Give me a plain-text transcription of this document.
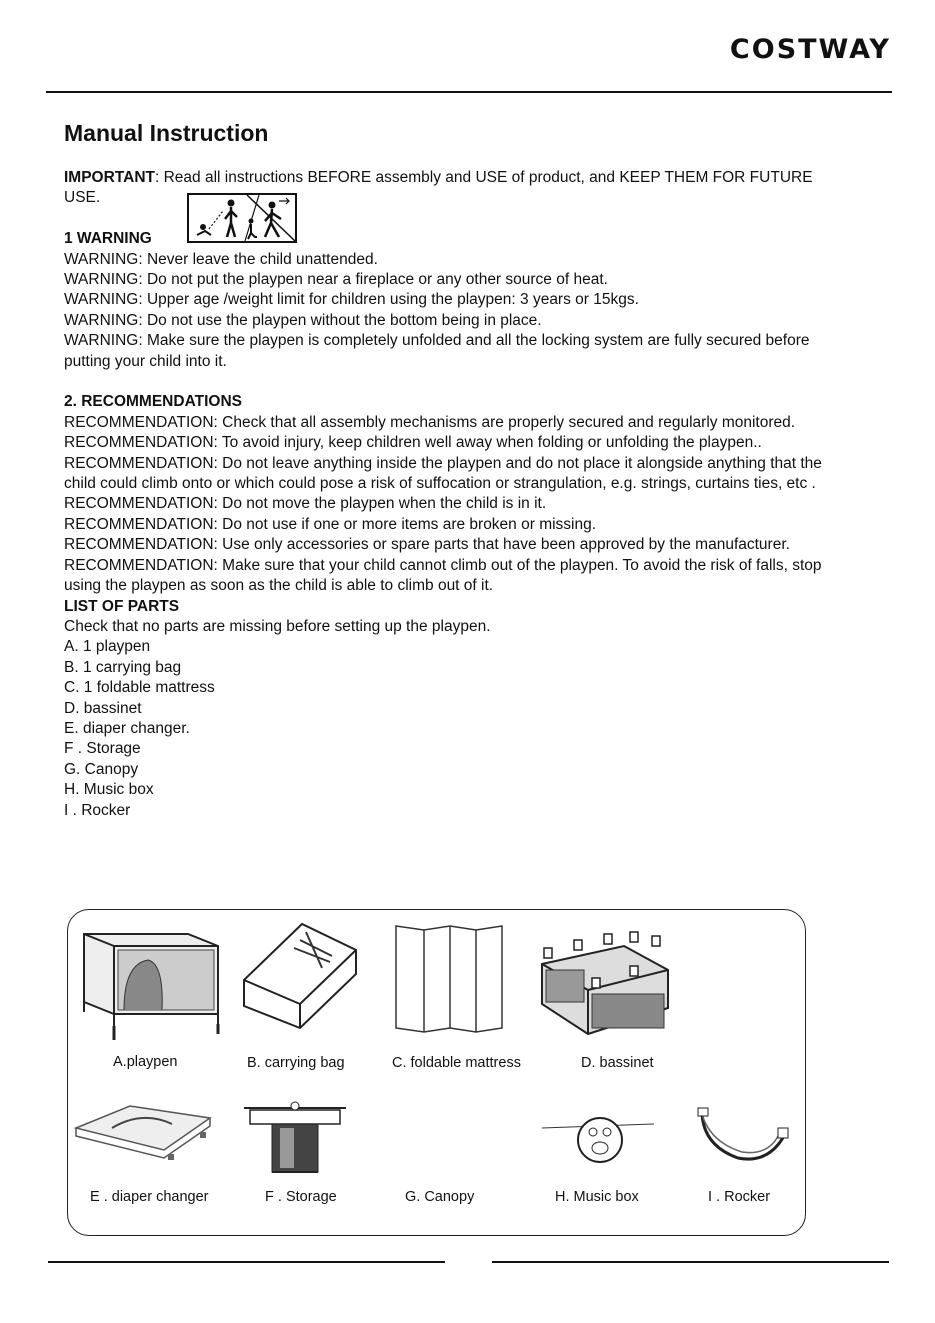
COSTWAY
Manual Instruction

IMPORTANT: Read all instructions BEFORE assembly and USE of product, and KEEP THEM FOR FUTURE USE.

1 WARNING

WARNING: Never leave the child unattended.

WARNING: Do not put the playpen near a fireplace or any other source of heat.

WARNING: Upper age /weight limit for children using the playpen: 3 years or 15kgs.

WARNING: Do not use the playpen without the bottom being in place.

WARNING: Make sure the playpen is completely unfolded and all the locking system are fully secured before putting your child into it.

2. RECOMMENDATIONS

RECOMMENDATION: Check that all assembly mechanisms are properly secured and regularly monitored.

RECOMMENDATION: To avoid injury, keep children well away when folding or unfolding the playpen..

RECOMMENDATION: Do not leave anything inside the playpen and do not place it alongside anything that the child could climb onto or which could pose a risk of suffocation or strangulation, e.g. strings, curtains ties, etc .

RECOMMENDATION: Do not move the playpen when the child is in it.

RECOMMENDATION: Do not use if one or more items are broken or missing.

RECOMMENDATION: Use only accessories or spare parts that have been approved by the manufacturer.

RECOMMENDATION: Make sure that your child cannot climb out of the playpen. To avoid the risk of falls, stop using the playpen as soon as the child is able to climb out of it.

LIST OF PARTS

Check that no parts are missing before setting up the playpen.

A. 1 playpen

B. 1 carrying bag

C. 1 foldable mattress

D. bassinet

E. diaper changer.

F . Storage

G. Canopy

H. Music box

I . Rocker

A.playpen	B. carrying bag	C. foldable mattress	D. bassinet
E . diaper changer	F . Storage	G. Canopy	H. Music box	I . Rocker
